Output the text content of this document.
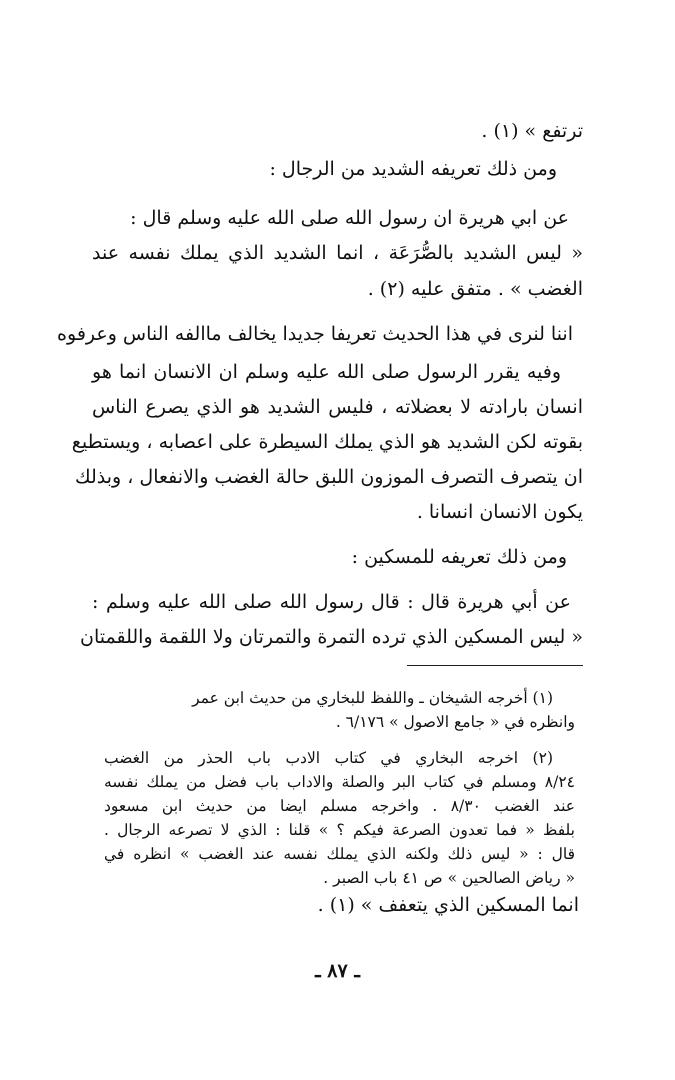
ترتفع » (١) .
ومن ذلك تعريفه الشديد من الرجال :
عن ابي هريرة ان رسول الله صلى الله عليه وسلم قال :
« ليس الشديد بالصُّرَعَة ، انما الشديد الذي يملك نفسه عند
الغضب » . متفق عليه (٢) .
اننا لنرى في هذا الحديث تعريفا جديدا يخالف ماالفه الناس وعرفوه
وفيه يقرر الرسول صلى الله عليه وسلم ان الانسان انما هو
انسان بارادته لا بعضلاته ، فليس الشديد هو الذي يصرع الناس
بقوته لكن الشديد هو الذي يملك السيطرة على اعصابه ، ويستطيع
ان يتصرف التصرف الموزون اللبق حالة الغضب والانفعال ، وبذلك
يكون الانسان انسانا .
ومن ذلك تعريفه للمسكين :
عن أبي هريرة قال : قال رسول الله صلى الله عليه وسلم :
« ليس المسكين الذي ترده التمرة والتمرتان ولا اللقمة واللقمتان
(١) أخرجه الشيخان ـ واللفظ للبخاري من حديث ابن عمر
وانظره في « جامع الاصول » ٦/١٧٦ .
(٢) اخرجه البخاري في كتاب الادب باب الحذر من الغضب
٨/٢٤ ومسلم في كتاب البر والصلة والاداب باب فضل من يملك نفسه
عند الغضب ٨/٣٠ . واخرجه مسلم ايضا من حديث ابن مسعود
بلفظ « فما تعدون الصرعة فيكم ؟ » قلنا : الذي لا تصرعه الرجال .
قال : « ليس ذلك ولكنه الذي يملك نفسه عند الغضب » انظره في
« رياض الصالحين » ص ٤١ باب الصبر .
انما المسكين الذي يتعفف » (١) .
ـ ٨٧ ـ
